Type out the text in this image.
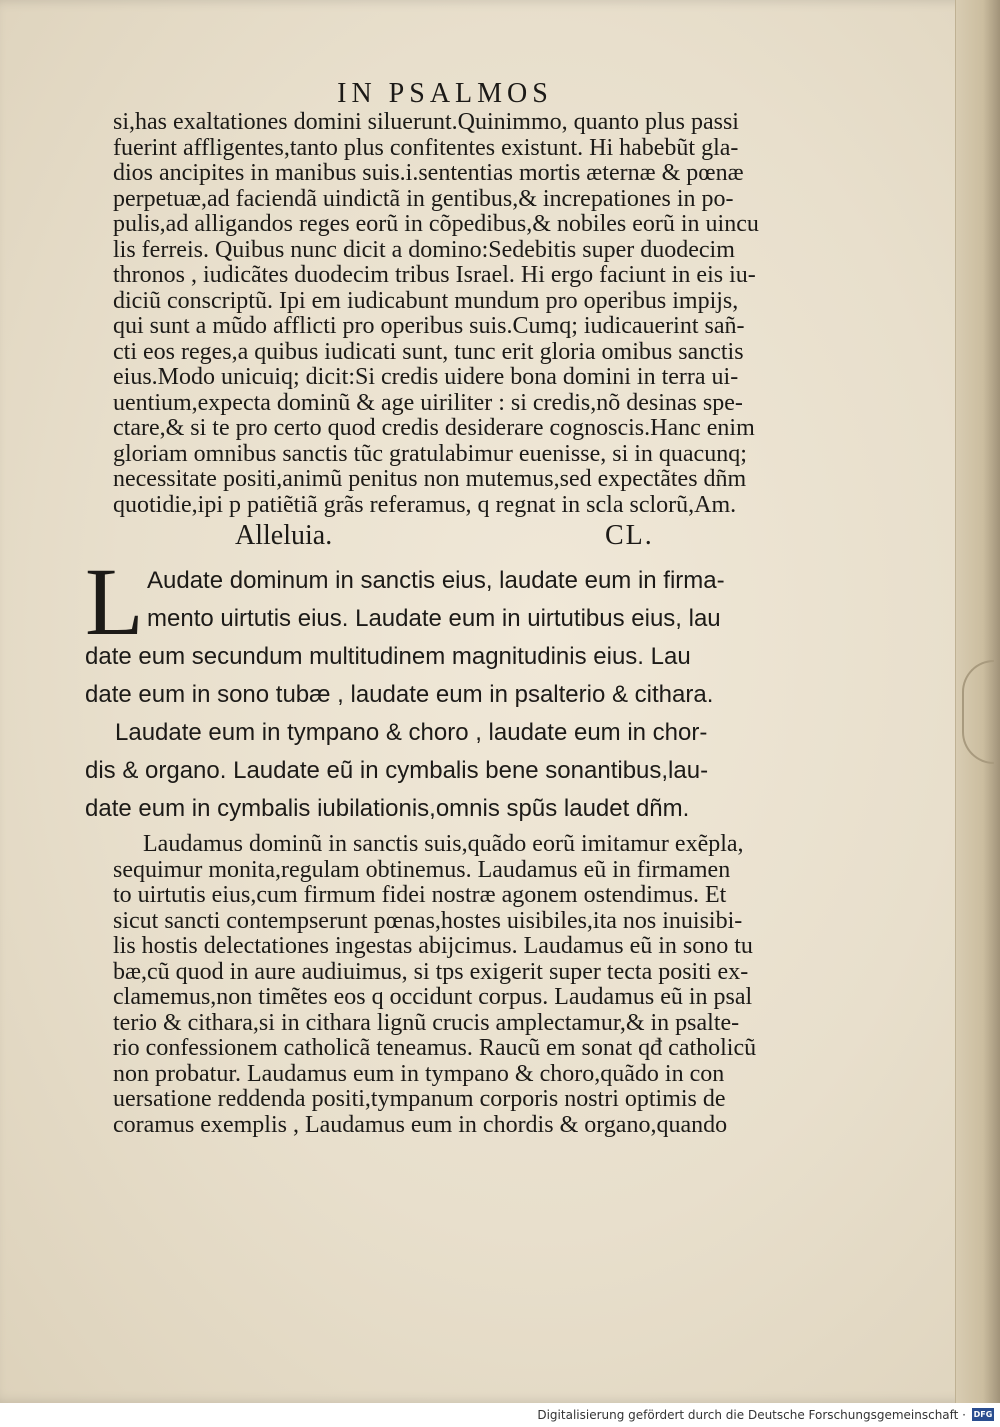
IN PSALMOS
si,has exaltationes domini siluerunt.Quinimmo, quanto plus passi
fuerint affligentes,tanto plus confitentes existunt. Hi habebũt gla-
dios ancipites in manibus suis.i.sententias mortis æternæ & pœnæ
perpetuæ,ad faciendã uindictã in gentibus,& increpationes in po-
pulis,ad alligandos reges eorũ in cõpedibus,& nobiles eorũ in uincu
lis ferreis. Quibus nunc dicit a domino:Sedebitis super duodecim
thronos , iudicãtes duodecim tribus Israel. Hi ergo faciunt in eis iu-
diciũ conscriptũ. Ipi em iudicabunt mundum pro operibus impijs,
qui sunt a mũdo afflicti pro operibus suis.Cumq; iudicauerint sañ-
cti eos reges,a quibus iudicati sunt, tunc erit gloria omibus sanctis
eius.Modo unicuiq; dicit:Si credis uidere bona domini in terra ui-
uentium,expecta dominũ & age uiriliter : si credis,nõ desinas spe-
ctare,& si te pro certo quod credis desiderare cognoscis.Hanc enim
gloriam omnibus sanctis tũc gratulabimur euenisse, si in quacunq;
necessitate positi,animũ penitus non mutemus,sed expectãtes dñm
quotidie,ipi p patiẽtiã grãs referamus, q regnat in scla sclorũ,Am.
Alleluia.	CL.
L Audate dominum in sanctis eius, laudate eum in firma-
mento uirtutis eius. Laudate eum in uirtutibus eius, lau
date eum secundum multitudinem magnitudinis eius. Lau
date eum in sono tubæ , laudate eum in psalterio & cithara.
Laudate eum in tympano & choro , laudate eum in chor-
dis & organo. Laudate eũ in cymbalis bene sonantibus,lau-
date eum in cymbalis iubilationis,omnis spũs laudet dñm.
Laudamus dominũ in sanctis suis,quãdo eorũ imitamur exẽpla,
sequimur monita,regulam obtinemus. Laudamus eũ in firmamen
to uirtutis eius,cum firmum fidei nostræ agonem ostendimus. Et
sicut sancti contempserunt pœnas,hostes uisibiles,ita nos inuisibi-
lis hostis delectationes ingestas abijcimus. Laudamus eũ in sono tu
bæ,cũ quod in aure audiuimus, si tps exigerit super tecta positi ex-
clamemus,non timẽtes eos q occidunt corpus. Laudamus eũ in psal
terio & cithara,si in cithara lignũ crucis amplectamur,& in psalte-
rio confessionem catholicã teneamus. Raucũ em sonat qđ catholicũ
non probatur. Laudamus eum in tympano & choro,quãdo in con
uersatione reddenda positi,tympanum corporis nostri optimis de
coramus exemplis , Laudamus eum in chordis & organo,quando
Digitalisierung gefördert durch die Deutsche Forschungsgemeinschaft · DFG
